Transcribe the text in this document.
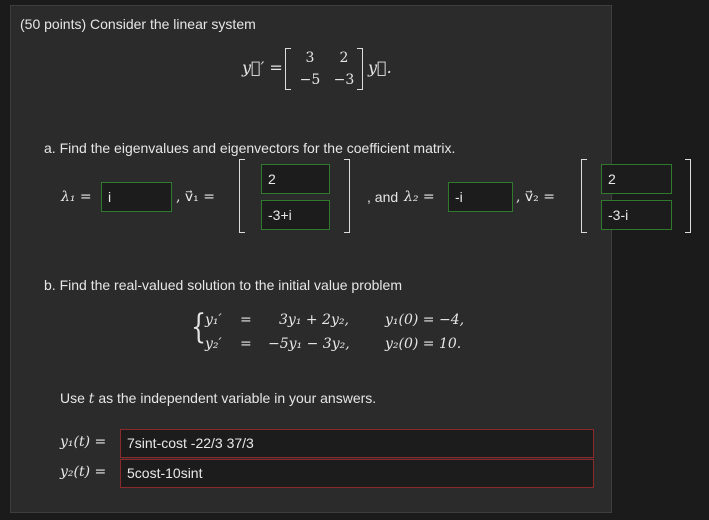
(50 points) Consider the linear system
y⃗′ =	3	2
−5 −3
y⃗.
a. Find the eigenvalues and eigenvectors for the coefficient matrix.
λ₁ =	i	, v⃗₁ =
2
-3+i
, and λ₂ =	-i	, v⃗₂ =
2
-3-i
b. Find the real-valued solution to the initial value problem
{
y₁′ = 3y₁ + 2y₂,	y₁(0) = −4,
y₂′ = −5y₁ − 3y₂,	y₂(0) = 10.
Use t as the independent variable in your answers.
y₁(t) =	7sint-cost -22/3 37/3
y₂(t) =	5cost-10sint
